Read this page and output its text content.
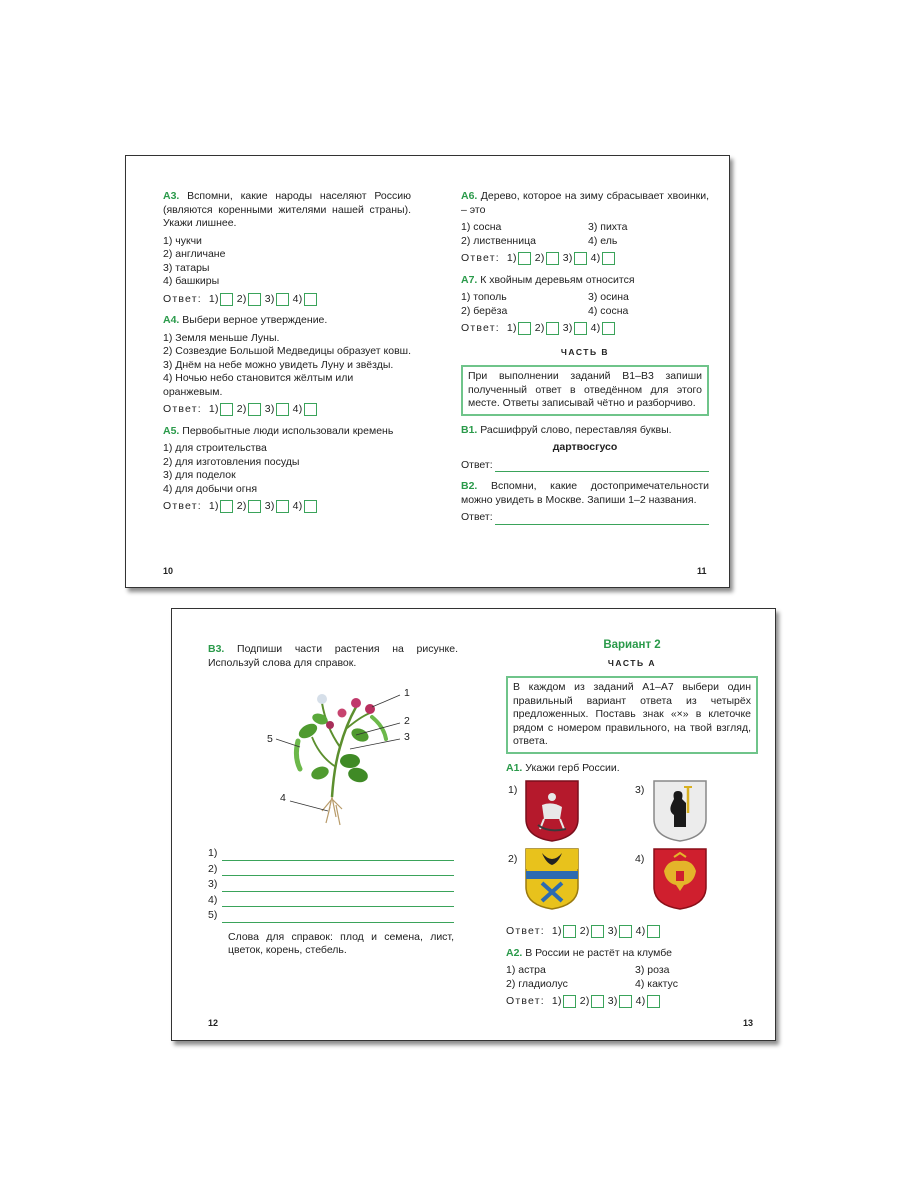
А3. Вспомни, какие народы населяют Россию (являются коренными жителями нашей страны). Укажи лишнее.

1) чукчи

2) англичане

3) татары

4) башкиры

Ответ: 1) 2) 3) 4)

А4. Выбери верное утверждение.

1) Земля меньше Луны.

2) Созвездие Большой Медведицы образует ковш.

3) Днём на небе можно увидеть Луну и звёзды.

4) Ночью небо становится жёлтым или оранжевым.

Ответ: 1) 2) 3) 4)

А5. Первобытные люди использовали кремень

1) для строительства

2) для изготовления посуды

3) для поделок

4) для добычи огня

Ответ: 1) 2) 3) 4)
10

А6. Дерево, которое на зиму сбрасывает хвоинки, – это

1) сосна	3) пихта

2) лиственница	4) ель

Ответ: 1) 2) 3) 4)

А7. К хвойным деревьям относится

1) тополь	3) осина

2) берёза	4) сосна

Ответ: 1) 2) 3) 4)
ЧАСТЬ В
При выполнении заданий В1–В3 запиши полученный ответ в отведённом для этого месте. Ответы записывай чётно и разборчиво.

В1. Расшифруй слово, переставляя буквы.

дартвосгусо

Ответ:

В2. Вспомни, какие достопримечательности можно увидеть в Москве. Запиши 1–2 названия.

Ответ:
11

В3. Подпиши части растения на рисунке. Используй слова для справок.

1
2
3
4
5
1)
2)
3)
4)
5)

Слова для справок: плод и семена, лист, цветок, корень, стебель.

12

Вариант 2

ЧАСТЬ А
В каждом из заданий А1–А7 выбери один правильный вариант ответа из четырёх предложенных. Поставь знак «×» в клеточке рядом с номером правильного, на твой взгляд, ответа.

А1. Укажи герб России.

1)	3)
2)	4)
Ответ: 1) 2) 3) 4)

А2. В России не растёт на клумбе

1) астра	3) роза

2) гладиолус	4) кактус

Ответ: 1) 2) 3) 4)
13
